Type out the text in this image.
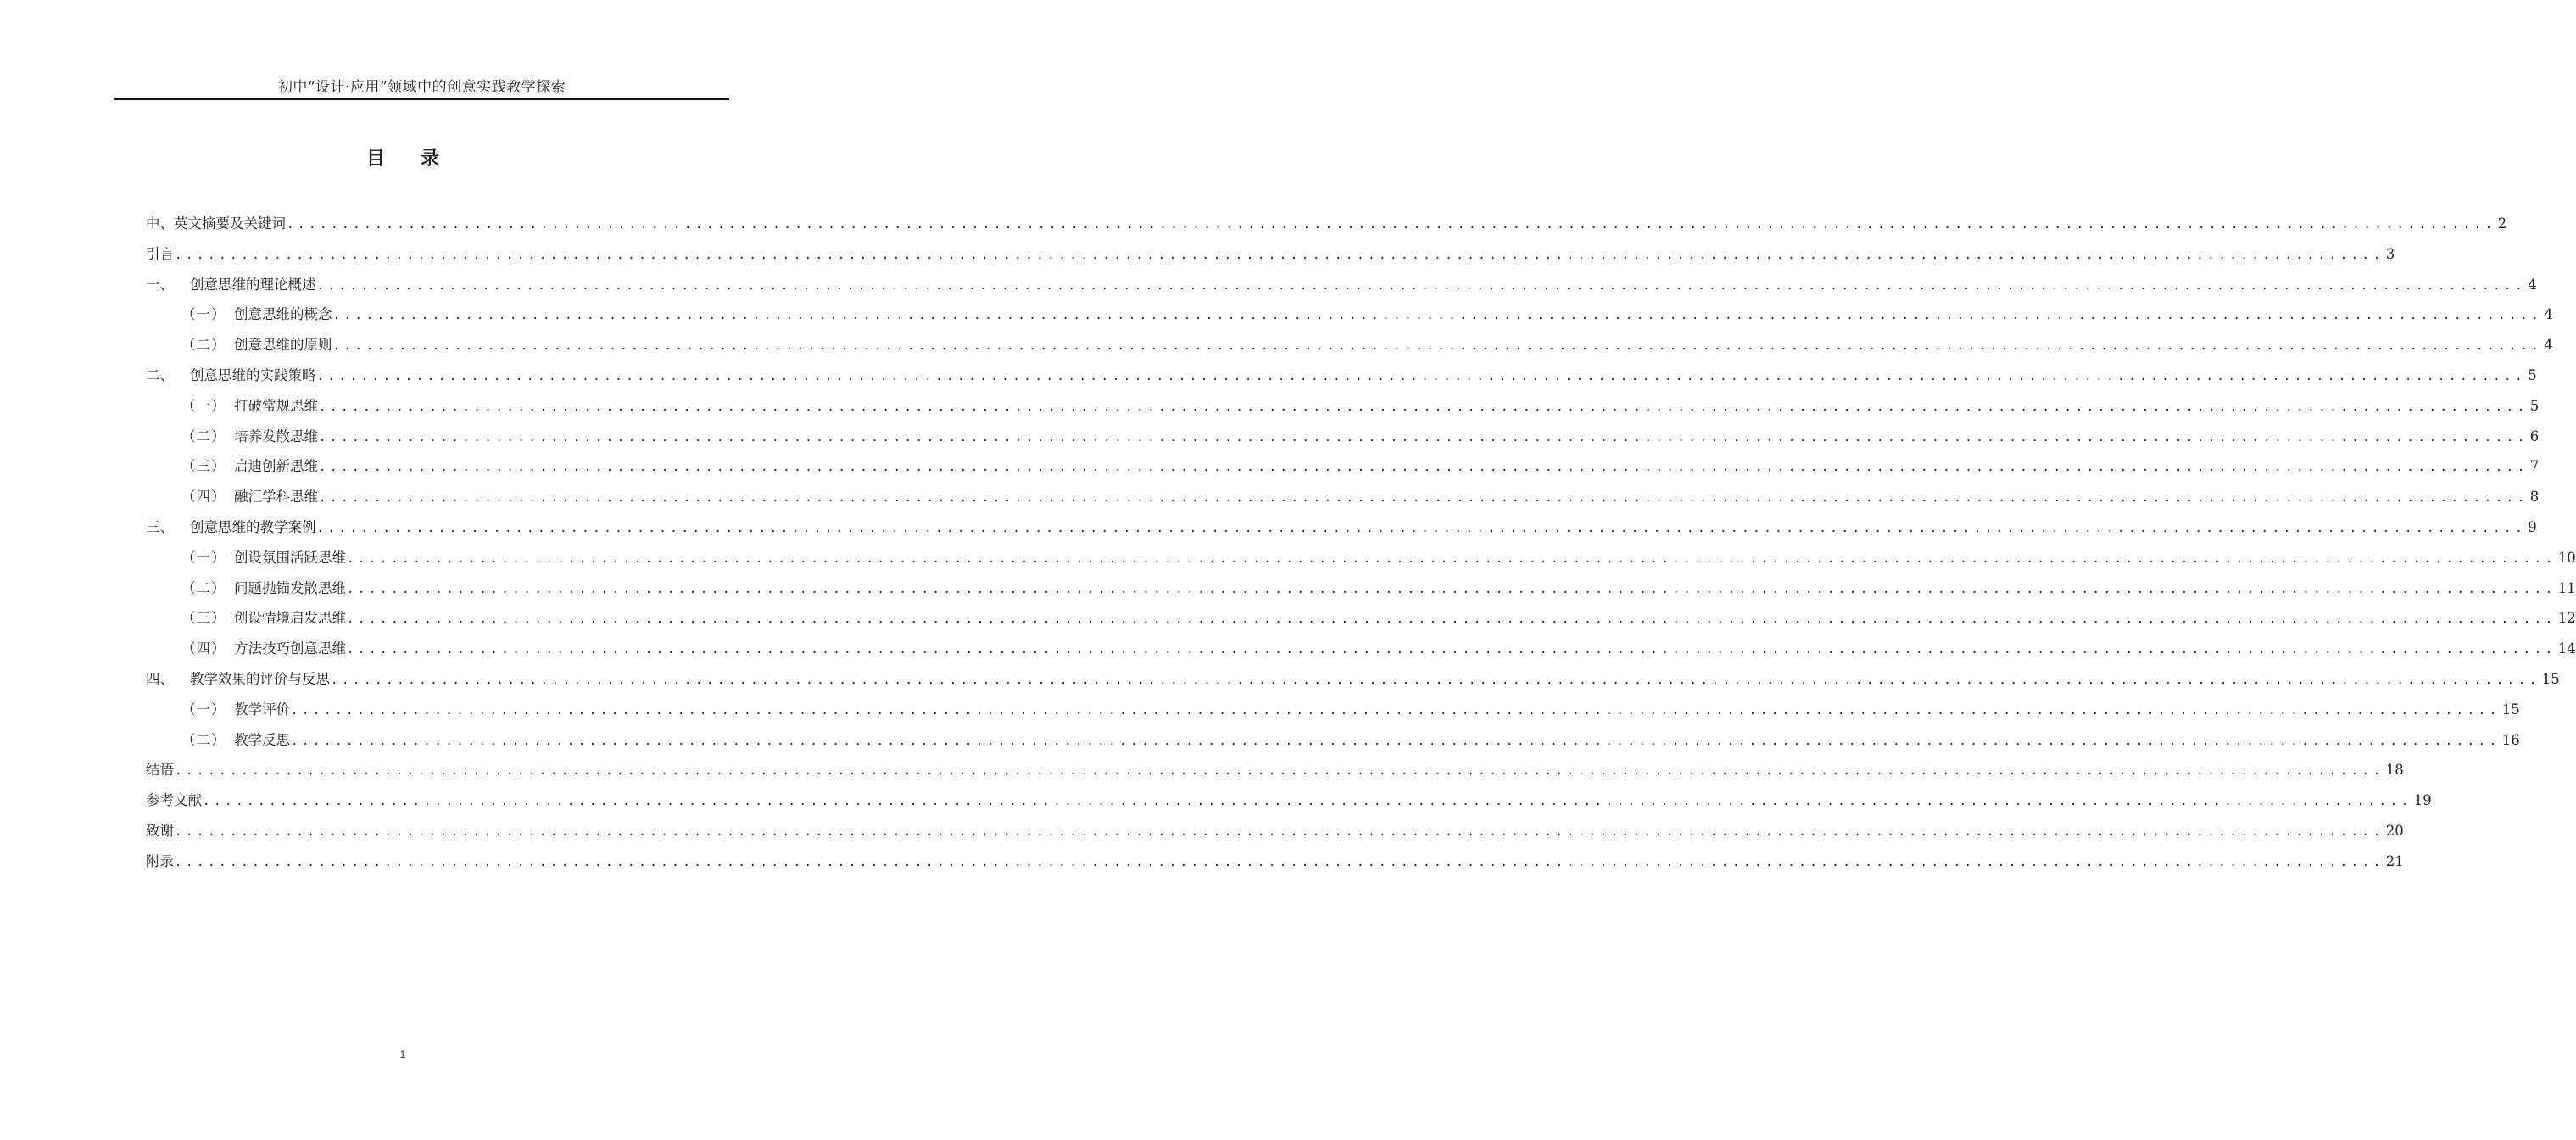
初中“设计·应用”领域中的创意实践教学探索
目 录
中、英文摘要及关键词 ........................................................................................................................................................................................................ 2
引言 ........................................................................................................................................................................................................ 3
一、	创意思维的理论概述 ........................................................................................................................................................................................................ 4
（一） 创意思维的概念 ........................................................................................................................................................................................................ 4
（二） 创意思维的原则 ........................................................................................................................................................................................................ 4
二、	创意思维的实践策略 ........................................................................................................................................................................................................ 5
（一） 打破常规思维 ........................................................................................................................................................................................................ 5
（二） 培养发散思维 ........................................................................................................................................................................................................ 6
（三） 启迪创新思维 ........................................................................................................................................................................................................ 7
（四） 融汇学科思维 ........................................................................................................................................................................................................ 8
三、	创意思维的教学案例 ........................................................................................................................................................................................................ 9
（一） 创设氛围活跃思维 ........................................................................................................................................................................................................ 10
（二） 问题抛锚发散思维 ........................................................................................................................................................................................................ 11
（三） 创设情境启发思维 ........................................................................................................................................................................................................ 12
（四） 方法技巧创意思维 ........................................................................................................................................................................................................ 14
四、	教学效果的评价与反思 ........................................................................................................................................................................................................ 15
（一） 教学评价 ........................................................................................................................................................................................................ 15
（二） 教学反思 ........................................................................................................................................................................................................ 16
结语 ........................................................................................................................................................................................................ 18
参考文献 ........................................................................................................................................................................................................ 19
致谢 ........................................................................................................................................................................................................ 20
附录 ........................................................................................................................................................................................................ 21
1
